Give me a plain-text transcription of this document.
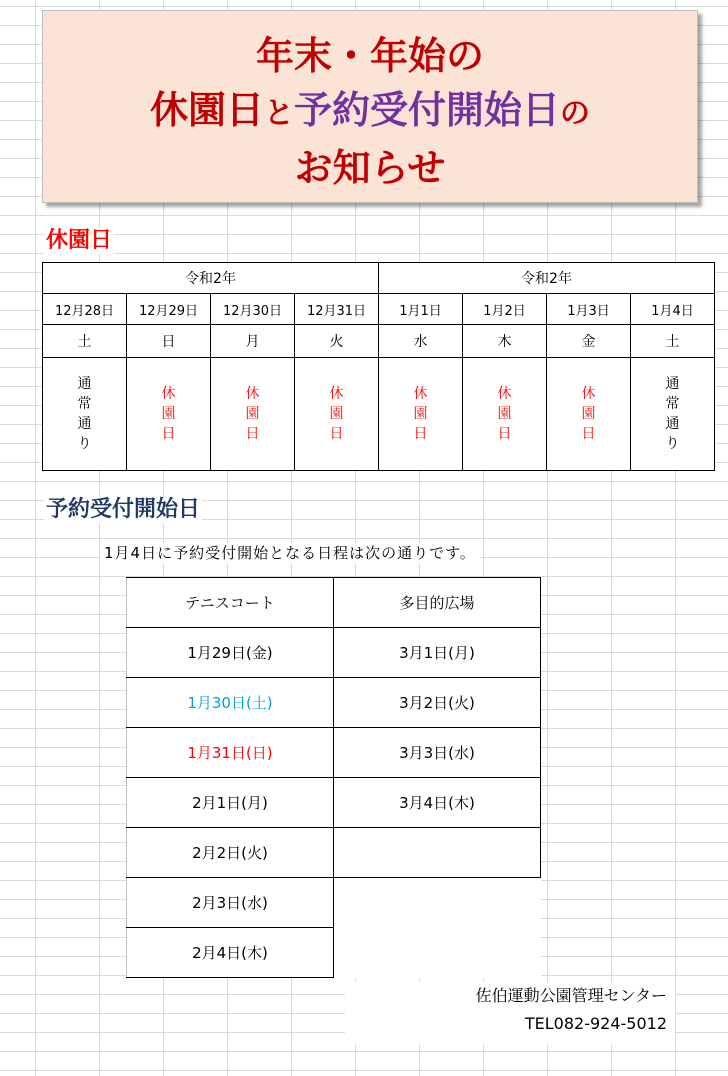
年末・年始の
休園日と予約受付開始日の
お知らせ
休園日
令和2年				令和2年			
12月28日	12月29日	12月30日	12月31日	1月1日	1月2日	1月3日	1月4日
土	日	月	火	水	木	金	土
通常通り	休園日	休園日	休園日	休園日	休園日	休園日	通常通り
予約受付開始日
1月4日に予約受付開始となる日程は次の通りです。
テニスコート	多目的広場
1月29日(金)	3月1日(月)
1月30日(土)	3月2日(火)
1月31日(日)	3月3日(水)
2月1日(月)	3月4日(木)
2月2日(火)	
2月3日(水)	
2月4日(木)	
佐伯運動公園管理センター
TEL082-924-5012
